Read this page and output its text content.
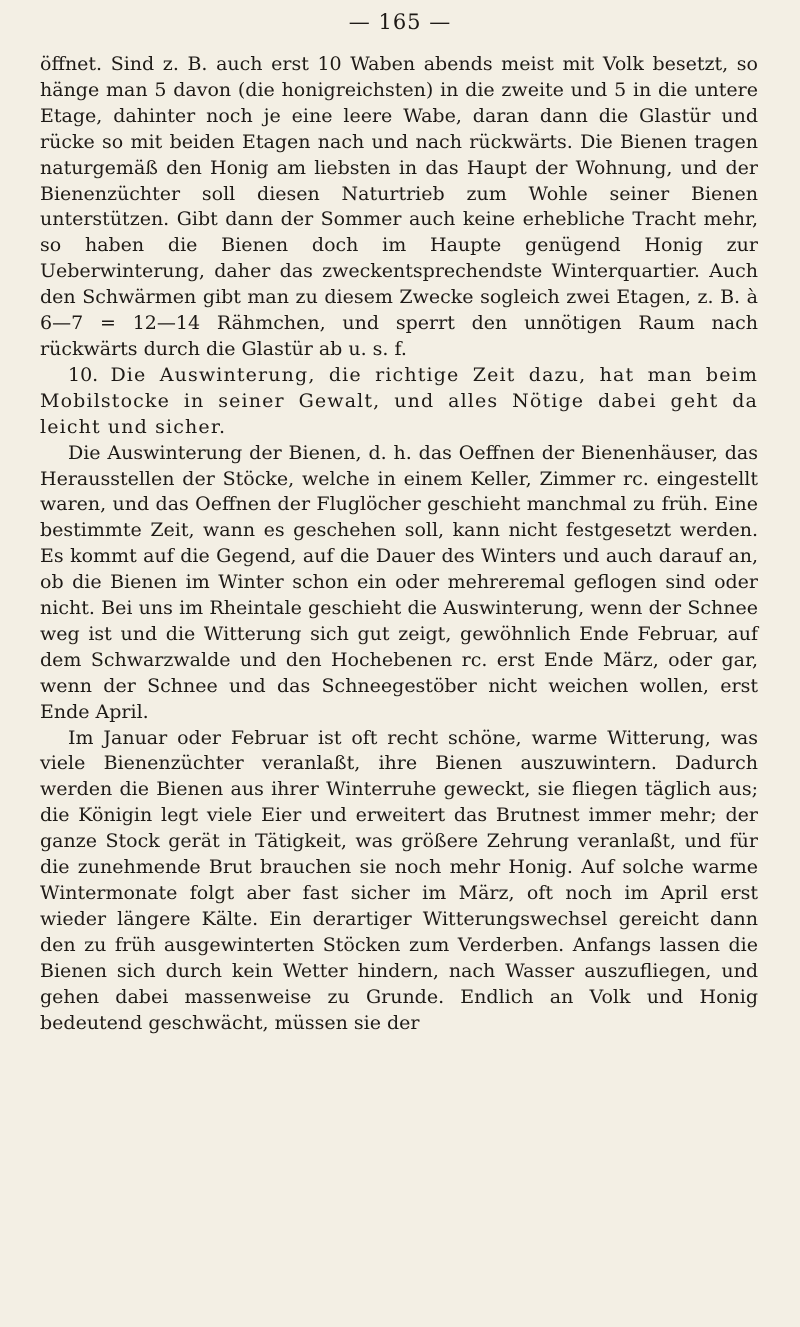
— 165 —

öffnet. Sind z. B. auch erst 10 Waben abends meist mit Volk besetzt, so hänge man 5 davon (die honigreichsten) in die zweite und 5 in die untere Etage, dahinter noch je eine leere Wabe, daran dann die Glastür und rücke so mit beiden Etagen nach und nach rückwärts. Die Bienen tragen naturgemäß den Honig am liebsten in das Haupt der Wohnung, und der Bienenzüchter soll diesen Naturtrieb zum Wohle seiner Bienen unterstützen. Gibt dann der Sommer auch keine erhebliche Tracht mehr, so haben die Bienen doch im Haupte genügend Honig zur Ueberwinterung, daher das zweckentsprechendste Winterquartier. Auch den Schwärmen gibt man zu diesem Zwecke sogleich zwei Etagen, z. B. à 6—7 = 12—14 Rähmchen, und sperrt den unnötigen Raum nach rückwärts durch die Glastür ab u. s. f.

10. Die Auswinterung, die richtige Zeit dazu, hat man beim Mobilstocke in seiner Gewalt, und alles Nötige dabei geht da leicht und sicher.

Die Auswinterung der Bienen, d. h. das Oeffnen der Bienenhäuser, das Herausstellen der Stöcke, welche in einem Keller, Zimmer rc. eingestellt waren, und das Oeffnen der Fluglöcher geschieht manchmal zu früh. Eine bestimmte Zeit, wann es geschehen soll, kann nicht festgesetzt werden. Es kommt auf die Gegend, auf die Dauer des Winters und auch darauf an, ob die Bienen im Winter schon ein oder mehreremal geflogen sind oder nicht. Bei uns im Rheintale geschieht die Auswinterung, wenn der Schnee weg ist und die Witterung sich gut zeigt, gewöhnlich Ende Februar, auf dem Schwarzwalde und den Hochebenen rc. erst Ende März, oder gar, wenn der Schnee und das Schneegestöber nicht weichen wollen, erst Ende April.

Im Januar oder Februar ist oft recht schöne, warme Witterung, was viele Bienenzüchter veranlaßt, ihre Bienen auszuwintern. Dadurch werden die Bienen aus ihrer Winterruhe geweckt, sie fliegen täglich aus; die Königin legt viele Eier und erweitert das Brutnest immer mehr; der ganze Stock gerät in Tätigkeit, was größere Zehrung veranlaßt, und für die zunehmende Brut brauchen sie noch mehr Honig. Auf solche warme Wintermonate folgt aber fast sicher im März, oft noch im April erst wieder längere Kälte. Ein derartiger Witterungswechsel gereicht dann den zu früh ausgewinterten Stöcken zum Verderben. Anfangs lassen die Bienen sich durch kein Wetter hindern, nach Wasser auszufliegen, und gehen dabei massenweise zu Grunde. Endlich an Volk und Honig bedeutend geschwächt, müssen sie der
